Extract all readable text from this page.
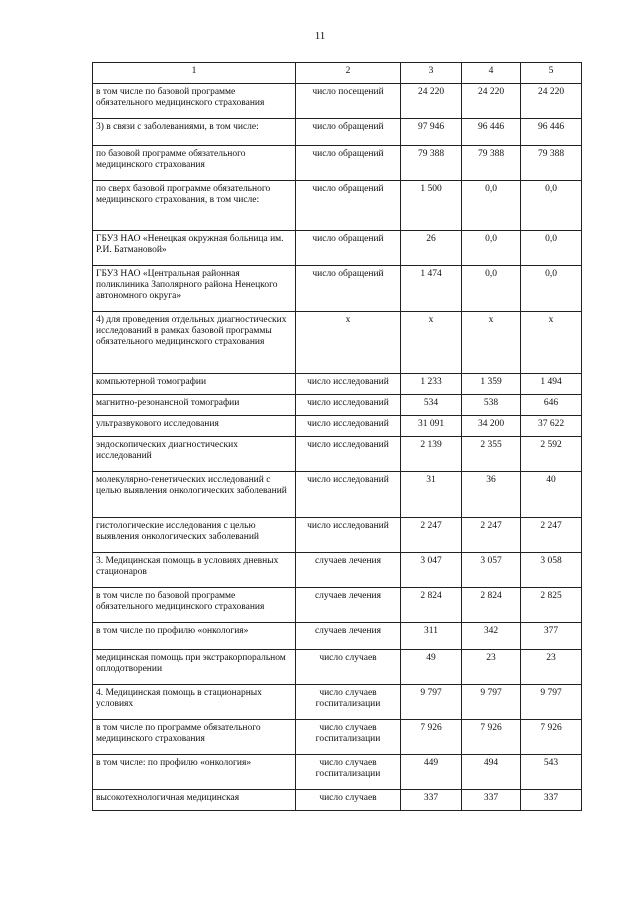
11
1	2	3	4	5
в том числе по базовой программе обязательного медицинского страхования	число посещений	24 220	24 220	24 220
3) в связи с заболеваниями, в том числе:	число обращений	97 946	96 446	96 446
по базовой программе обязательного медицинского страхования	число обращений	79 388	79 388	79 388
по сверх базовой программе обязательного медицинского страхования, в том числе:	число обращений	1 500	0,0	0,0
ГБУЗ НАО «Ненецкая окружная больница им. Р.И. Батмановой»	число обращений	26	0,0	0,0
ГБУЗ НАО «Центральная районная поликлиника Заполярного района Ненецкого автономного округа»	число обращений	1 474	0,0	0,0
4) для проведения отдельных диагностических исследований в рамках базовой программы обязательного медицинского страхования	х	х	х	х
компьютерной томографии	число исследований	1 233	1 359	1 494
магнитно-резонансной томографии	число исследований	534	538	646
ультразвукового исследования	число исследований	31 091	34 200	37 622
эндоскопических диагностических исследований	число исследований	2 139	2 355	2 592
молекулярно-генетических исследований с целью выявления онкологических заболеваний	число исследований	31	36	40
гистологические исследования с целью выявления онкологических заболеваний	число исследований	2 247	2 247	2 247
3. Медицинская помощь в условиях дневных стационаров	случаев лечения	3 047	3 057	3 058
в том числе по базовой программе обязательного медицинского страхования	случаев лечения	2 824	2 824	2 825
в том числе по профилю «онкология»	случаев лечения	311	342	377
медицинская помощь при экстракорпоральном оплодотворении	число случаев	49	23	23
4. Медицинская помощь в стационарных условиях	число случаев госпитализации	9 797	9 797	9 797
в том числе по программе обязательного медицинского страхования	число случаев госпитализации	7 926	7 926	7 926
в том числе: по профилю «онкология»	число случаев госпитализации	449	494	543
высокотехнологичная медицинская	число случаев	337	337	337
